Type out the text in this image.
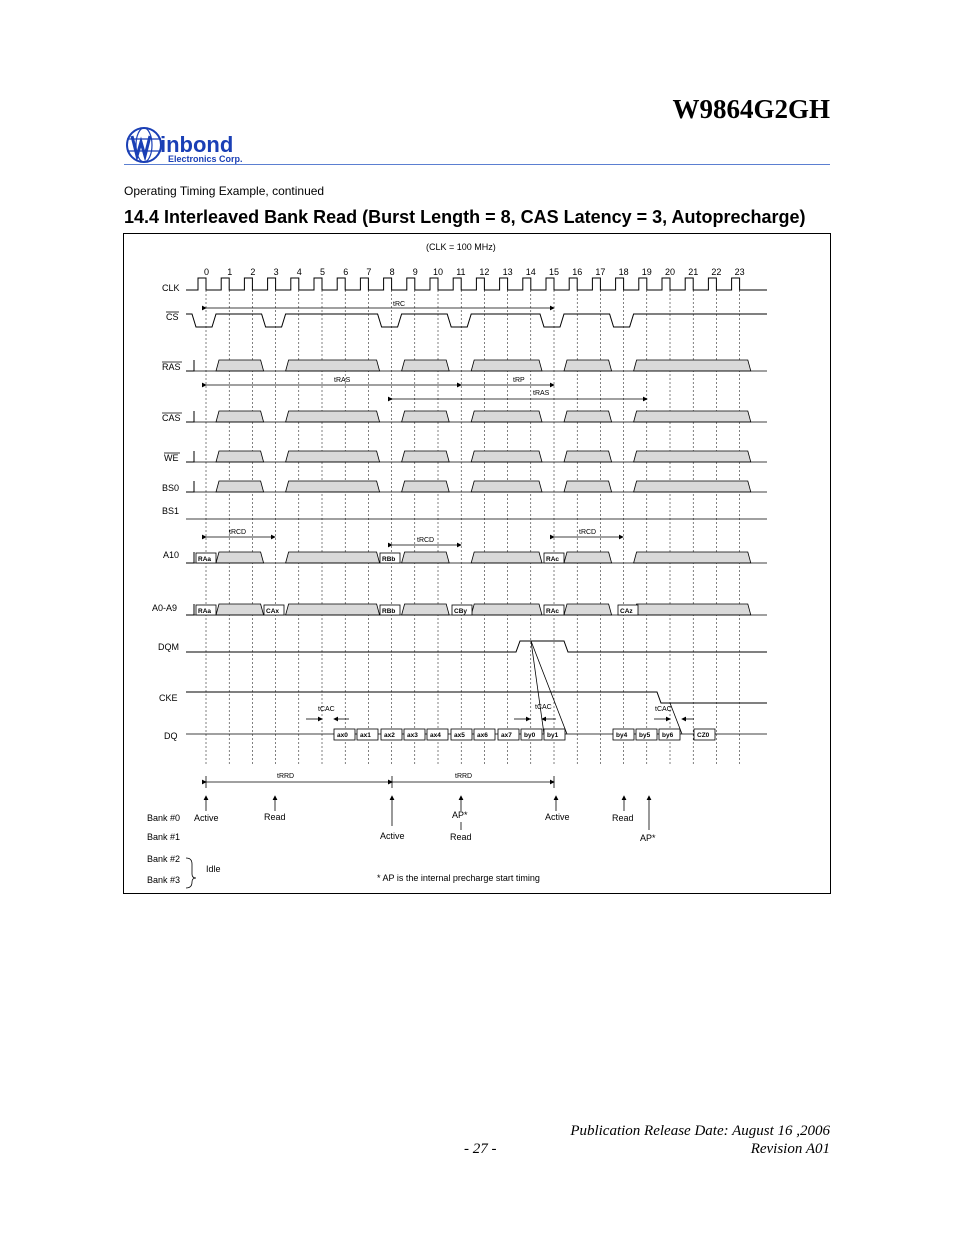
W9864G2GH
inbond
Electronics Corp.
Operating Timing Example, continued
14.4 Interleaved Bank Read (Burst Length = 8, CAS Latency = 3, Autoprecharge)
(CLK = 100 MHz)
0 1 2 3 4 5 6 7 8 9 10 11 12 13 14 15 16 17 18 19 20 21 22 23
CLK
CS
RAS
CAS
WE
BS0
BS1
A10
A0-A9
DQM
CKE
DQ
RAa	RBb	RAc
RAa	CAx	RBb	CBy	RAc	CAz
ax0 ax1 ax2 ax3 ax4 ax5 ax6 ax7 by0 by1	by4 by5 by6	CZ0
tRC
tRAS	tRP
tRAS
tRCD
tRCD
tRCD
tCAC	tCAC	tCAC
tRRD	tRRD
Bank #0
Bank #1
Bank #2
Bank #3
Idle
Active	Read
Active
AP*
Read
Active	Read
AP*
* AP is the internal precharge start timing
Publication Release Date: August 16 ,2006
- 27 -	Revision A01
